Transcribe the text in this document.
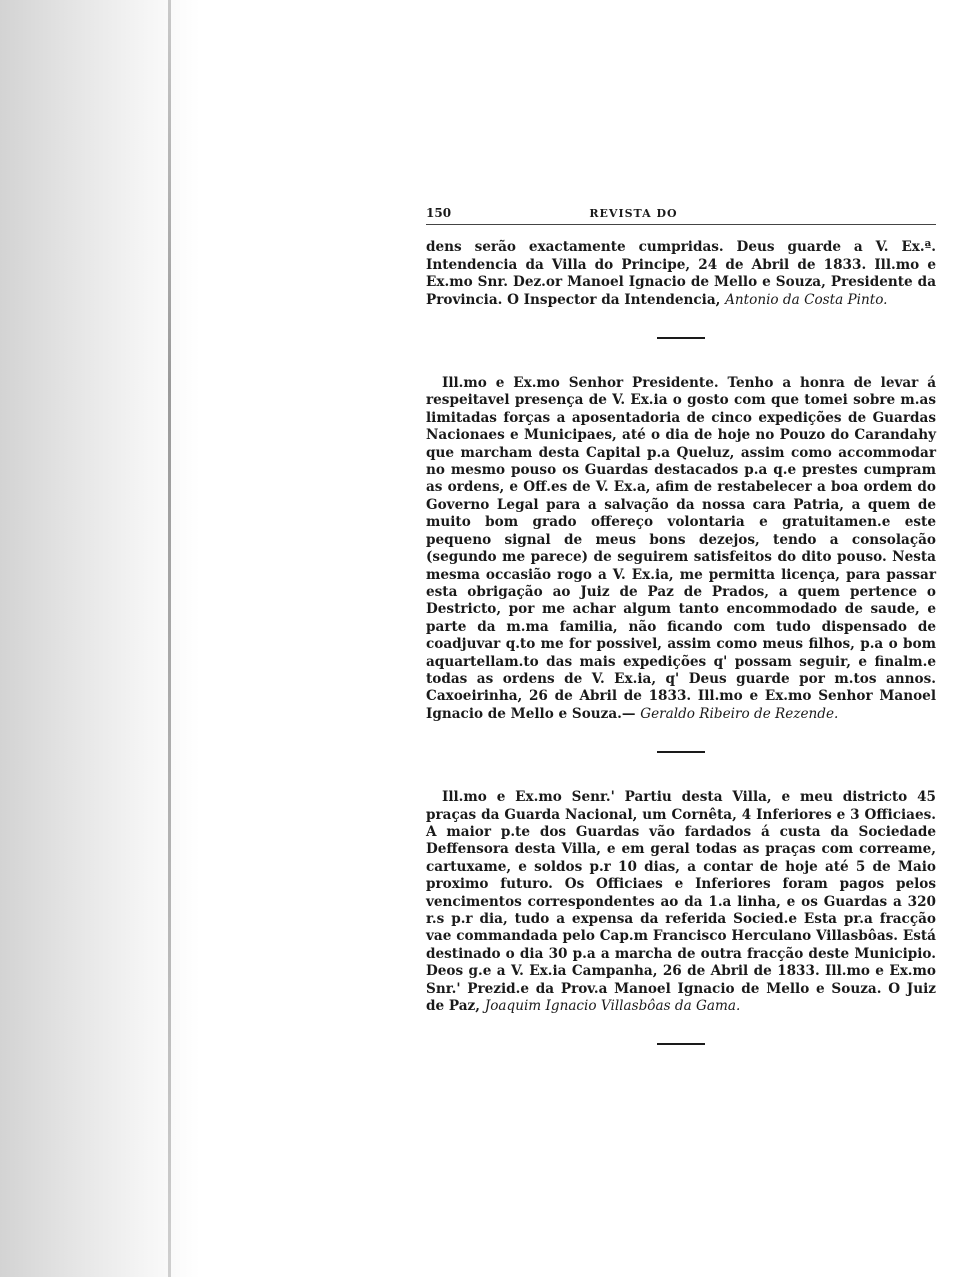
150	REVISTA DO

dens serão exactamente cumpridas. Deus guarde a V. Ex.ª. Intendencia da Villa do Principe, 24 de Abril de 1833. Ill.mo e Ex.mo Snr. Dez.or Manoel Ignacio de Mello e Souza, Presidente da Provincia. O Inspector da Intendencia, Antonio da Costa Pinto.

Ill.mo e Ex.mo Senhor Presidente. Tenho a honra de levar á respeitavel presença de V. Ex.ia o gosto com que tomei sobre m.as limitadas forças a aposentadoria de cinco expedições de Guardas Nacionaes e Municipaes, até o dia de hoje no Pouzo do Carandahy que marcham desta Capital p.a Queluz, assim como accommodar no mesmo pouso os Guardas destacados p.a q.e prestes cumpram as ordens, e Off.es de V. Ex.a, afim de restabelecer a boa ordem do Governo Legal para a salvação da nossa cara Patria, a quem de muito bom grado offereço volontaria e gratuitamen.e este pequeno signal de meus bons dezejos, tendo a consolação (segundo me parece) de seguirem satisfeitos do dito pouso. Nesta mesma occasião rogo a V. Ex.ia, me permitta licença, para passar esta obrigação ao Juiz de Paz de Prados, a quem pertence o Destricto, por me achar algum tanto encommodado de saude, e parte da m.ma familia, não ficando com tudo dispensado de coadjuvar q.to me for possivel, assim como meus filhos, p.a o bom aquartellam.to das mais expedições q' possam seguir, e finalm.e todas as ordens de V. Ex.ia, q' Deus guarde por m.tos annos. Caxoeirinha, 26 de Abril de 1833. Ill.mo e Ex.mo Senhor Manoel Ignacio de Mello e Souza.— Geraldo Ribeiro de Rezende.

Ill.mo e Ex.mo Senr.' Partiu desta Villa, e meu districto 45 praças da Guarda Nacional, um Cornêta, 4 Inferiores e 3 Officiaes. A maior p.te dos Guardas vão fardados á custa da Sociedade Deffensora desta Villa, e em geral todas as praças com correame, cartuxame, e soldos p.r 10 dias, a contar de hoje até 5 de Maio proximo futuro. Os Officiaes e Inferiores foram pagos pelos vencimentos correspondentes ao da 1.a linha, e os Guardas a 320 r.s p.r dia, tudo a expensa da referida Socied.e Esta pr.a fracção vae commandada pelo Cap.m Francisco Herculano Villasbôas. Está destinado o dia 30 p.a a marcha de outra fracção deste Municipio. Deos g.e a V. Ex.ia Campanha, 26 de Abril de 1833. Ill.mo e Ex.mo Snr.' Prezid.e da Prov.a Manoel Ignacio de Mello e Souza. O Juiz de Paz, Joaquim Ignacio Villasbôas da Gama.
